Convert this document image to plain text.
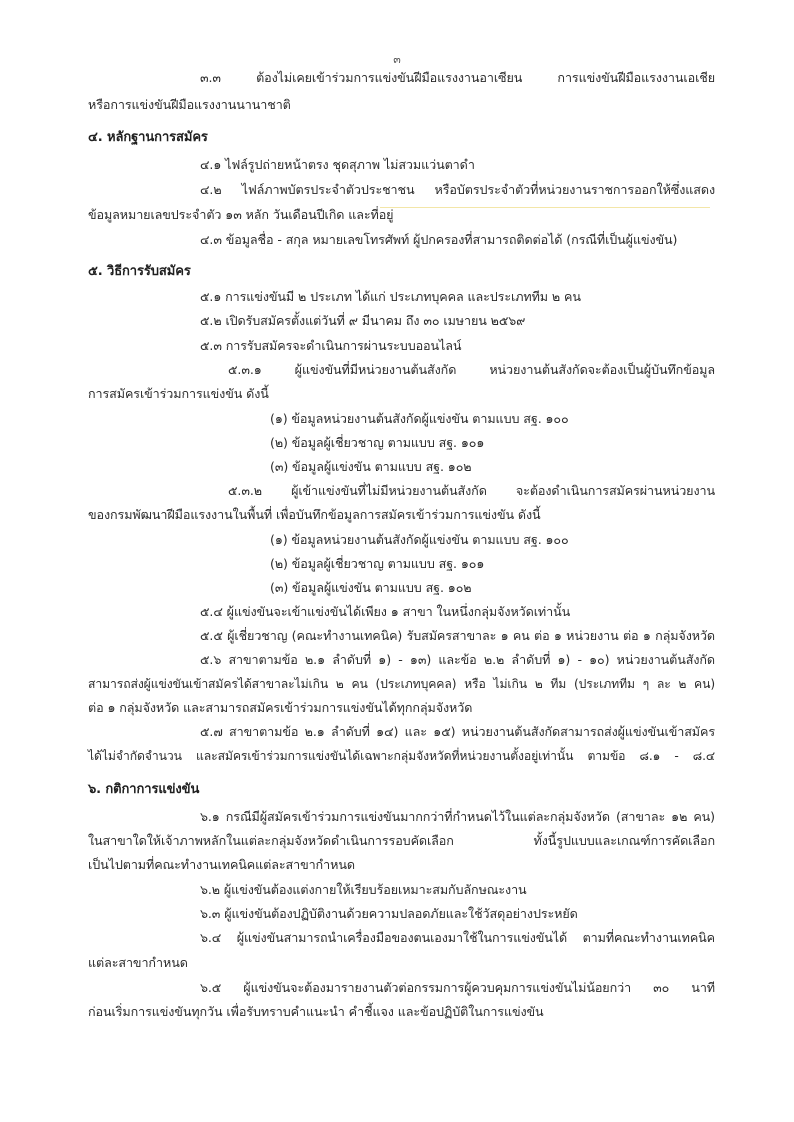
๓
๓.๓ ต้องไม่เคยเข้าร่วมการแข่งขันฝีมือแรงงานอาเซียน การแข่งขันฝีมือแรงงานเอเชีย
หรือการแข่งขันฝีมือแรงงานนานาชาติ
๔. หลักฐานการสมัคร
๔.๑ ไฟล์รูปถ่ายหน้าตรง ชุดสุภาพ ไม่สวมแว่นตาดำ
๔.๒ ไฟล์ภาพบัตรประจำตัวประชาชน หรือบัตรประจำตัวที่หน่วยงานราชการออกให้ซึ่งแสดง
ข้อมูลหมายเลขประจำตัว ๑๓ หลัก วันเดือนปีเกิด และที่อยู่
๔.๓ ข้อมูลชื่อ - สกุล หมายเลขโทรศัพท์ ผู้ปกครองที่สามารถติดต่อได้ (กรณีที่เป็นผู้แข่งขัน)
๕. วิธีการรับสมัคร
๕.๑ การแข่งขันมี ๒ ประเภท ได้แก่ ประเภทบุคคล และประเภททีม ๒ คน
๕.๒ เปิดรับสมัครตั้งแต่วันที่ ๙ มีนาคม ถึง ๓๐ เมษายน ๒๕๖๙
๕.๓ การรับสมัครจะดำเนินการผ่านระบบออนไลน์
๕.๓.๑ ผู้แข่งขันที่มีหน่วยงานต้นสังกัด หน่วยงานต้นสังกัดจะต้องเป็นผู้บันทึกข้อมูล
การสมัครเข้าร่วมการแข่งขัน ดังนี้
(๑) ข้อมูลหน่วยงานต้นสังกัดผู้แข่งขัน ตามแบบ สฐ. ๑๐๐
(๒) ข้อมูลผู้เชี่ยวชาญ ตามแบบ สฐ. ๑๐๑
(๓) ข้อมูลผู้แข่งขัน ตามแบบ สฐ. ๑๐๒
๕.๓.๒ ผู้เข้าแข่งขันที่ไม่มีหน่วยงานต้นสังกัด จะต้องดำเนินการสมัครผ่านหน่วยงาน
ของกรมพัฒนาฝีมือแรงงานในพื้นที่ เพื่อบันทึกข้อมูลการสมัครเข้าร่วมการแข่งขัน ดังนี้
(๑) ข้อมูลหน่วยงานต้นสังกัดผู้แข่งขัน ตามแบบ สฐ. ๑๐๐
(๒) ข้อมูลผู้เชี่ยวชาญ ตามแบบ สฐ. ๑๐๑
(๓) ข้อมูลผู้แข่งขัน ตามแบบ สฐ. ๑๐๒
๕.๔ ผู้แข่งขันจะเข้าแข่งขันได้เพียง ๑ สาขา ในหนึ่งกลุ่มจังหวัดเท่านั้น
๕.๕ ผู้เชี่ยวชาญ (คณะทำงานเทคนิค) รับสมัครสาขาละ ๑ คน ต่อ ๑ หน่วยงาน ต่อ ๑ กลุ่มจังหวัด
๕.๖ สาขาตามข้อ ๒.๑ ลำดับที่ ๑) - ๑๓) และข้อ ๒.๒ ลำดับที่ ๑) - ๑๐) หน่วยงานต้นสังกัด
สามารถส่งผู้แข่งขันเข้าสมัครได้สาขาละไม่เกิน ๒ คน (ประเภทบุคคล) หรือ ไม่เกิน ๒ ทีม (ประเภททีม ๆ ละ ๒ คน)
ต่อ ๑ กลุ่มจังหวัด และสามารถสมัครเข้าร่วมการแข่งขันได้ทุกกลุ่มจังหวัด
๕.๗ สาขาตามข้อ ๒.๑ ลำดับที่ ๑๔) และ ๑๕) หน่วยงานต้นสังกัดสามารถส่งผู้แข่งขันเข้าสมัคร
ได้ไม่จำกัดจำนวน และสมัครเข้าร่วมการแข่งขันได้เฉพาะกลุ่มจังหวัดที่หน่วยงานตั้งอยู่เท่านั้น ตามข้อ ๘.๑ - ๘.๔
๖. กติกาการแข่งขัน
๖.๑ กรณีมีผู้สมัครเข้าร่วมการแข่งขันมากกว่าที่กำหนดไว้ในแต่ละกลุ่มจังหวัด (สาขาละ ๑๒ คน)
ในสาขาใดให้เจ้าภาพหลักในแต่ละกลุ่มจังหวัดดำเนินการรอบคัดเลือก ทั้งนี้รูปแบบและเกณฑ์การคัดเลือก
เป็นไปตามที่คณะทำงานเทคนิคแต่ละสาขากำหนด
๖.๒ ผู้แข่งขันต้องแต่งกายให้เรียบร้อยเหมาะสมกับลักษณะงาน
๖.๓ ผู้แข่งขันต้องปฏิบัติงานด้วยความปลอดภัยและใช้วัสดุอย่างประหยัด
๖.๔ ผู้แข่งขันสามารถนำเครื่องมือของตนเองมาใช้ในการแข่งขันได้ ตามที่คณะทำงานเทคนิค
แต่ละสาขากำหนด
๖.๕ ผู้แข่งขันจะต้องมารายงานตัวต่อกรรมการผู้ควบคุมการแข่งขันไม่น้อยกว่า ๓๐ นาที
ก่อนเริ่มการแข่งขันทุกวัน เพื่อรับทราบคำแนะนำ คำชี้แจง และข้อปฏิบัติในการแข่งขัน
